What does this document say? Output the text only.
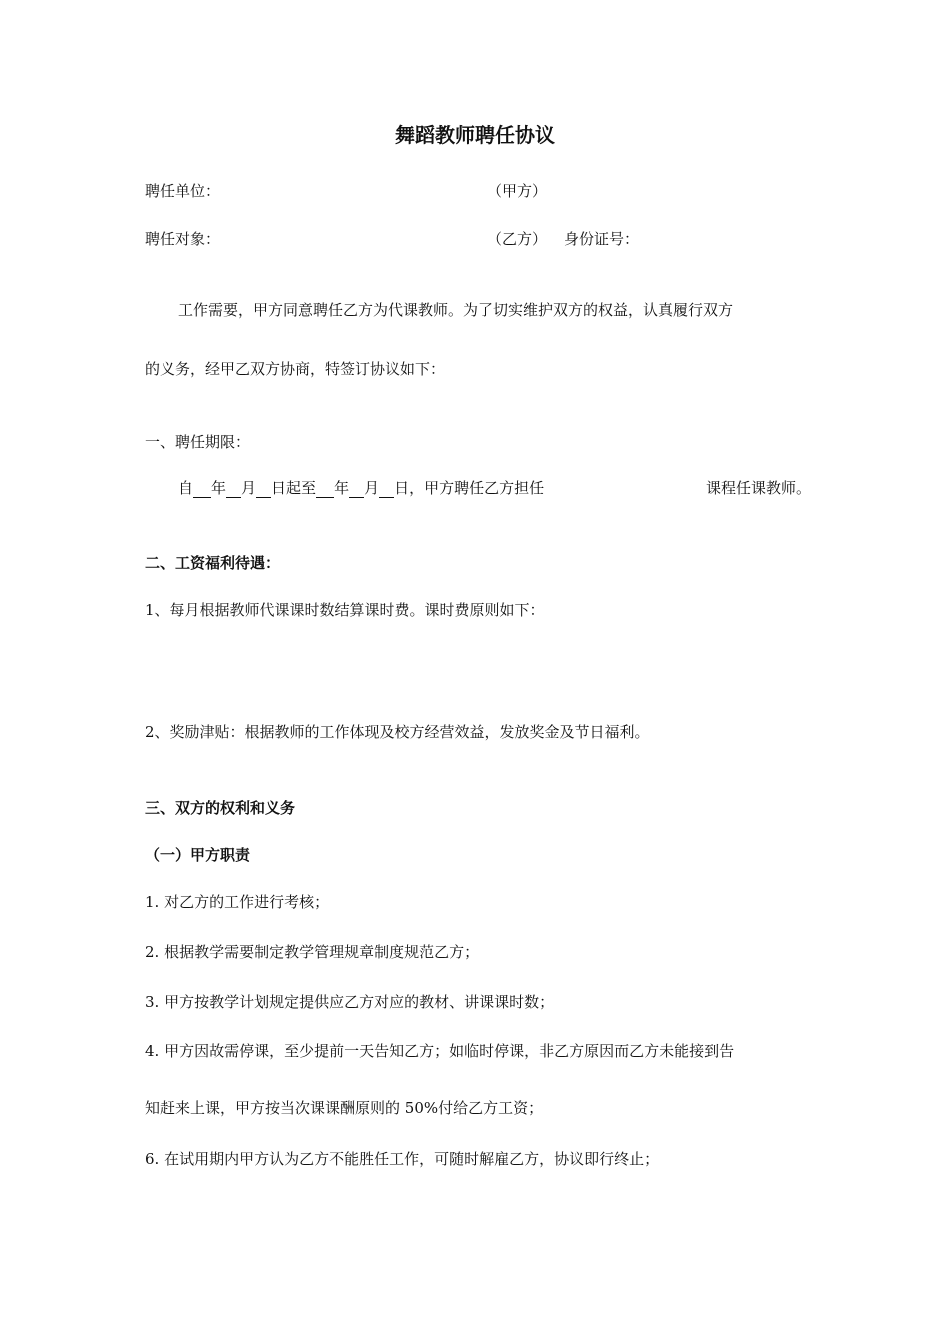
舞蹈教师聘任协议
聘任单位：	（甲方）
聘任对象：	（乙方） 身份证号：
工作需要，甲方同意聘任乙方为代课教师。为了切实维护双方的权益，认真履行双方
的义务，经甲乙双方协商，特签订协议如下：
一、聘任期限：
自 年 月 日起至 年 月 日，甲方聘任乙方担任	课程任课教师。
二、工资福利待遇：
1、每月根据教师代课课时数结算课时费。课时费原则如下：
2、奖励津贴：根据教师的工作体现及校方经营效益，发放奖金及节日福利。
三、双方的权利和义务
（一）甲方职责
1. 对乙方的工作进行考核；
2. 根据教学需要制定教学管理规章制度规范乙方；
3. 甲方按教学计划规定提供应乙方对应的教材、讲课课时数；
4. 甲方因故需停课，至少提前一天告知乙方；如临时停课，非乙方原因而乙方未能接到告
知赶来上课，甲方按当次课课酬原则的 50%付给乙方工资；
6. 在试用期内甲方认为乙方不能胜任工作，可随时解雇乙方，协议即行终止；
